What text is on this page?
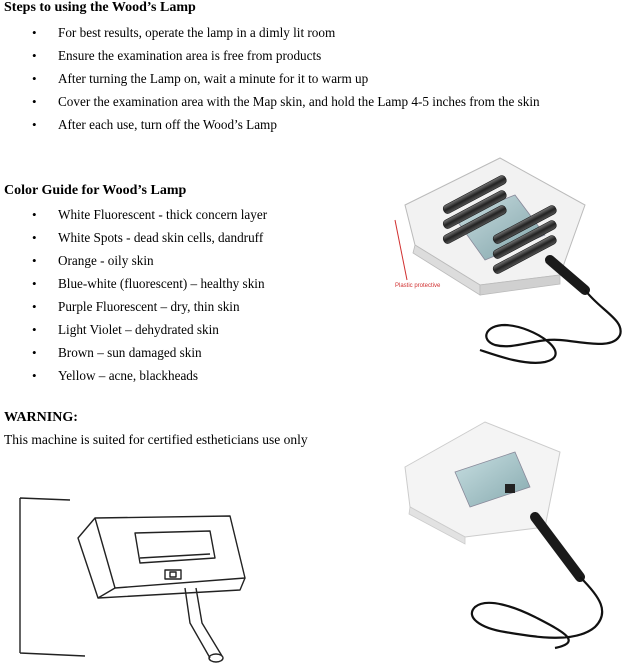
Steps to using the Wood’s Lamp
• For best results, operate the lamp in a dimly lit room
• Ensure the examination area is free from products
• After turning the Lamp on, wait a minute for it to warm up
• Cover the examination area with the Map skin, and hold the Lamp 4-5 inches from the skin
• After each use, turn off the Wood’s Lamp
Color Guide for Wood’s Lamp
• White Fluorescent - thick concern layer
• White Spots - dead skin cells, dandruff
• Orange - oily skin
• Blue-white (fluorescent) – healthy skin
• Purple Fluorescent – dry, thin skin
• Light Violet – dehydrated skin
• Brown – sun damaged skin
• Yellow – acne, blackheads
WARNING:
This machine is suited for certified estheticians use only
Plastic protective
